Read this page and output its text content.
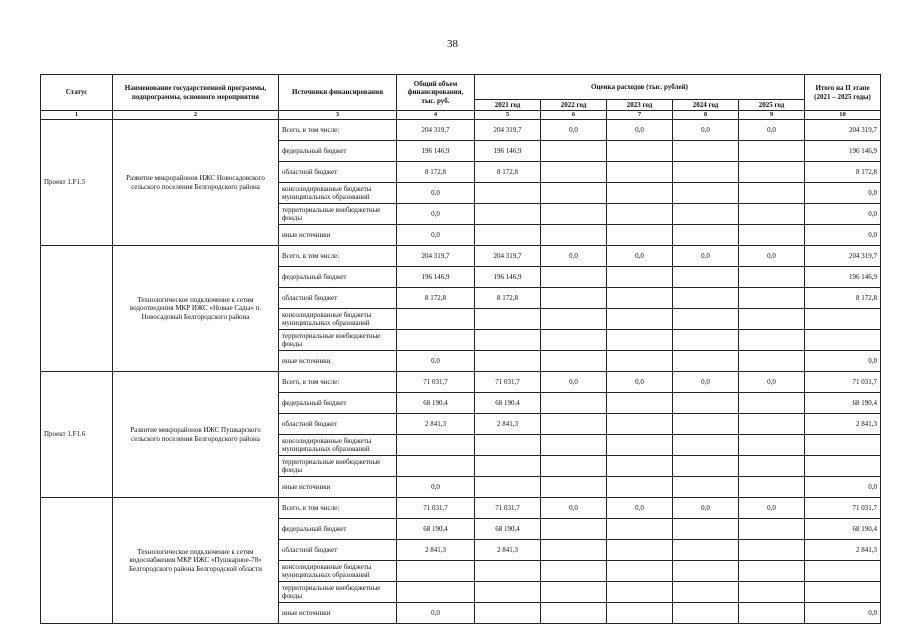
38
Статус	Наименование государственной программы, подпрограммы, основного мероприятия	Источники финансирования	Общий объем финансирования, тыс. руб.	Оценка расходов (тыс. рублей)					Итого на II этапе (2021 – 2025 годы)
				2021 год	2022 год	2023 год	2024 год	2025 год	
1	2	3	4	5	6	7	8	9	10
Проект 1.F1.5	Развитие микрорайонов ИЖС Новосадовского сельского поселения Белгородского района	Всего, в том числе:	204 319,7	204 319,7	0,0	0,0	0,0	0,0	204 319,7
		федеральный бюджет	196 146,9	196 146,9					196 146,9
		областной бюджет	8 172,8	8 172,8					8 172,8
		консолидированные бюджеты муниципальных образований	0,0						0,0
		территориальные внебюджетные фонды	0,0						0,0
		иные источники	0,0						0,0
	Технологическое подключение к сетям водоотведения МКР ИЖС «Новые Сады» п. Новосадовый Белгородского района	Всего, в том числе:	204 319,7	204 319,7	0,0	0,0	0,0	0,0	204 319,7
		федеральный бюджет	196 146,9	196 146,9					196 146,9
		областной бюджет	8 172,8	8 172,8					8 172,8
		консолидированные бюджеты муниципальных образований							
		территориальные внебюджетные фонды							
		иные источники	0,0						0,0
Проект 1.F1.6	Развитие микрорайонов ИЖС Пушкарского сельского поселения Белгородского района	Всего, в том числе:	71 031,7	71 031,7	0,0	0,0	0,0	0,0	71 031,7
		федеральный бюджет	68 190,4	68 190,4					68 190,4
		областной бюджет	2 841,3	2 841,3					2 841,3
		консолидированные бюджеты муниципальных образований							
		территориальные внебюджетные фонды							
		иные источники	0,0						0,0
	Технологическое подключение к сетям водоснабжения МКР ИЖС «Пушкарное-78» Белгородского района Белгородской области	Всего, в том числе:	71 031,7	71 031,7	0,0	0,0	0,0	0,0	71 031,7
		федеральный бюджет	68 190,4	68 190,4					68 190,4
		областной бюджет	2 841,3	2 841,3					2 841,3
		консолидированные бюджеты муниципальных образований							
		территориальные внебюджетные фонды							
		иные источники	0,0						0,0
